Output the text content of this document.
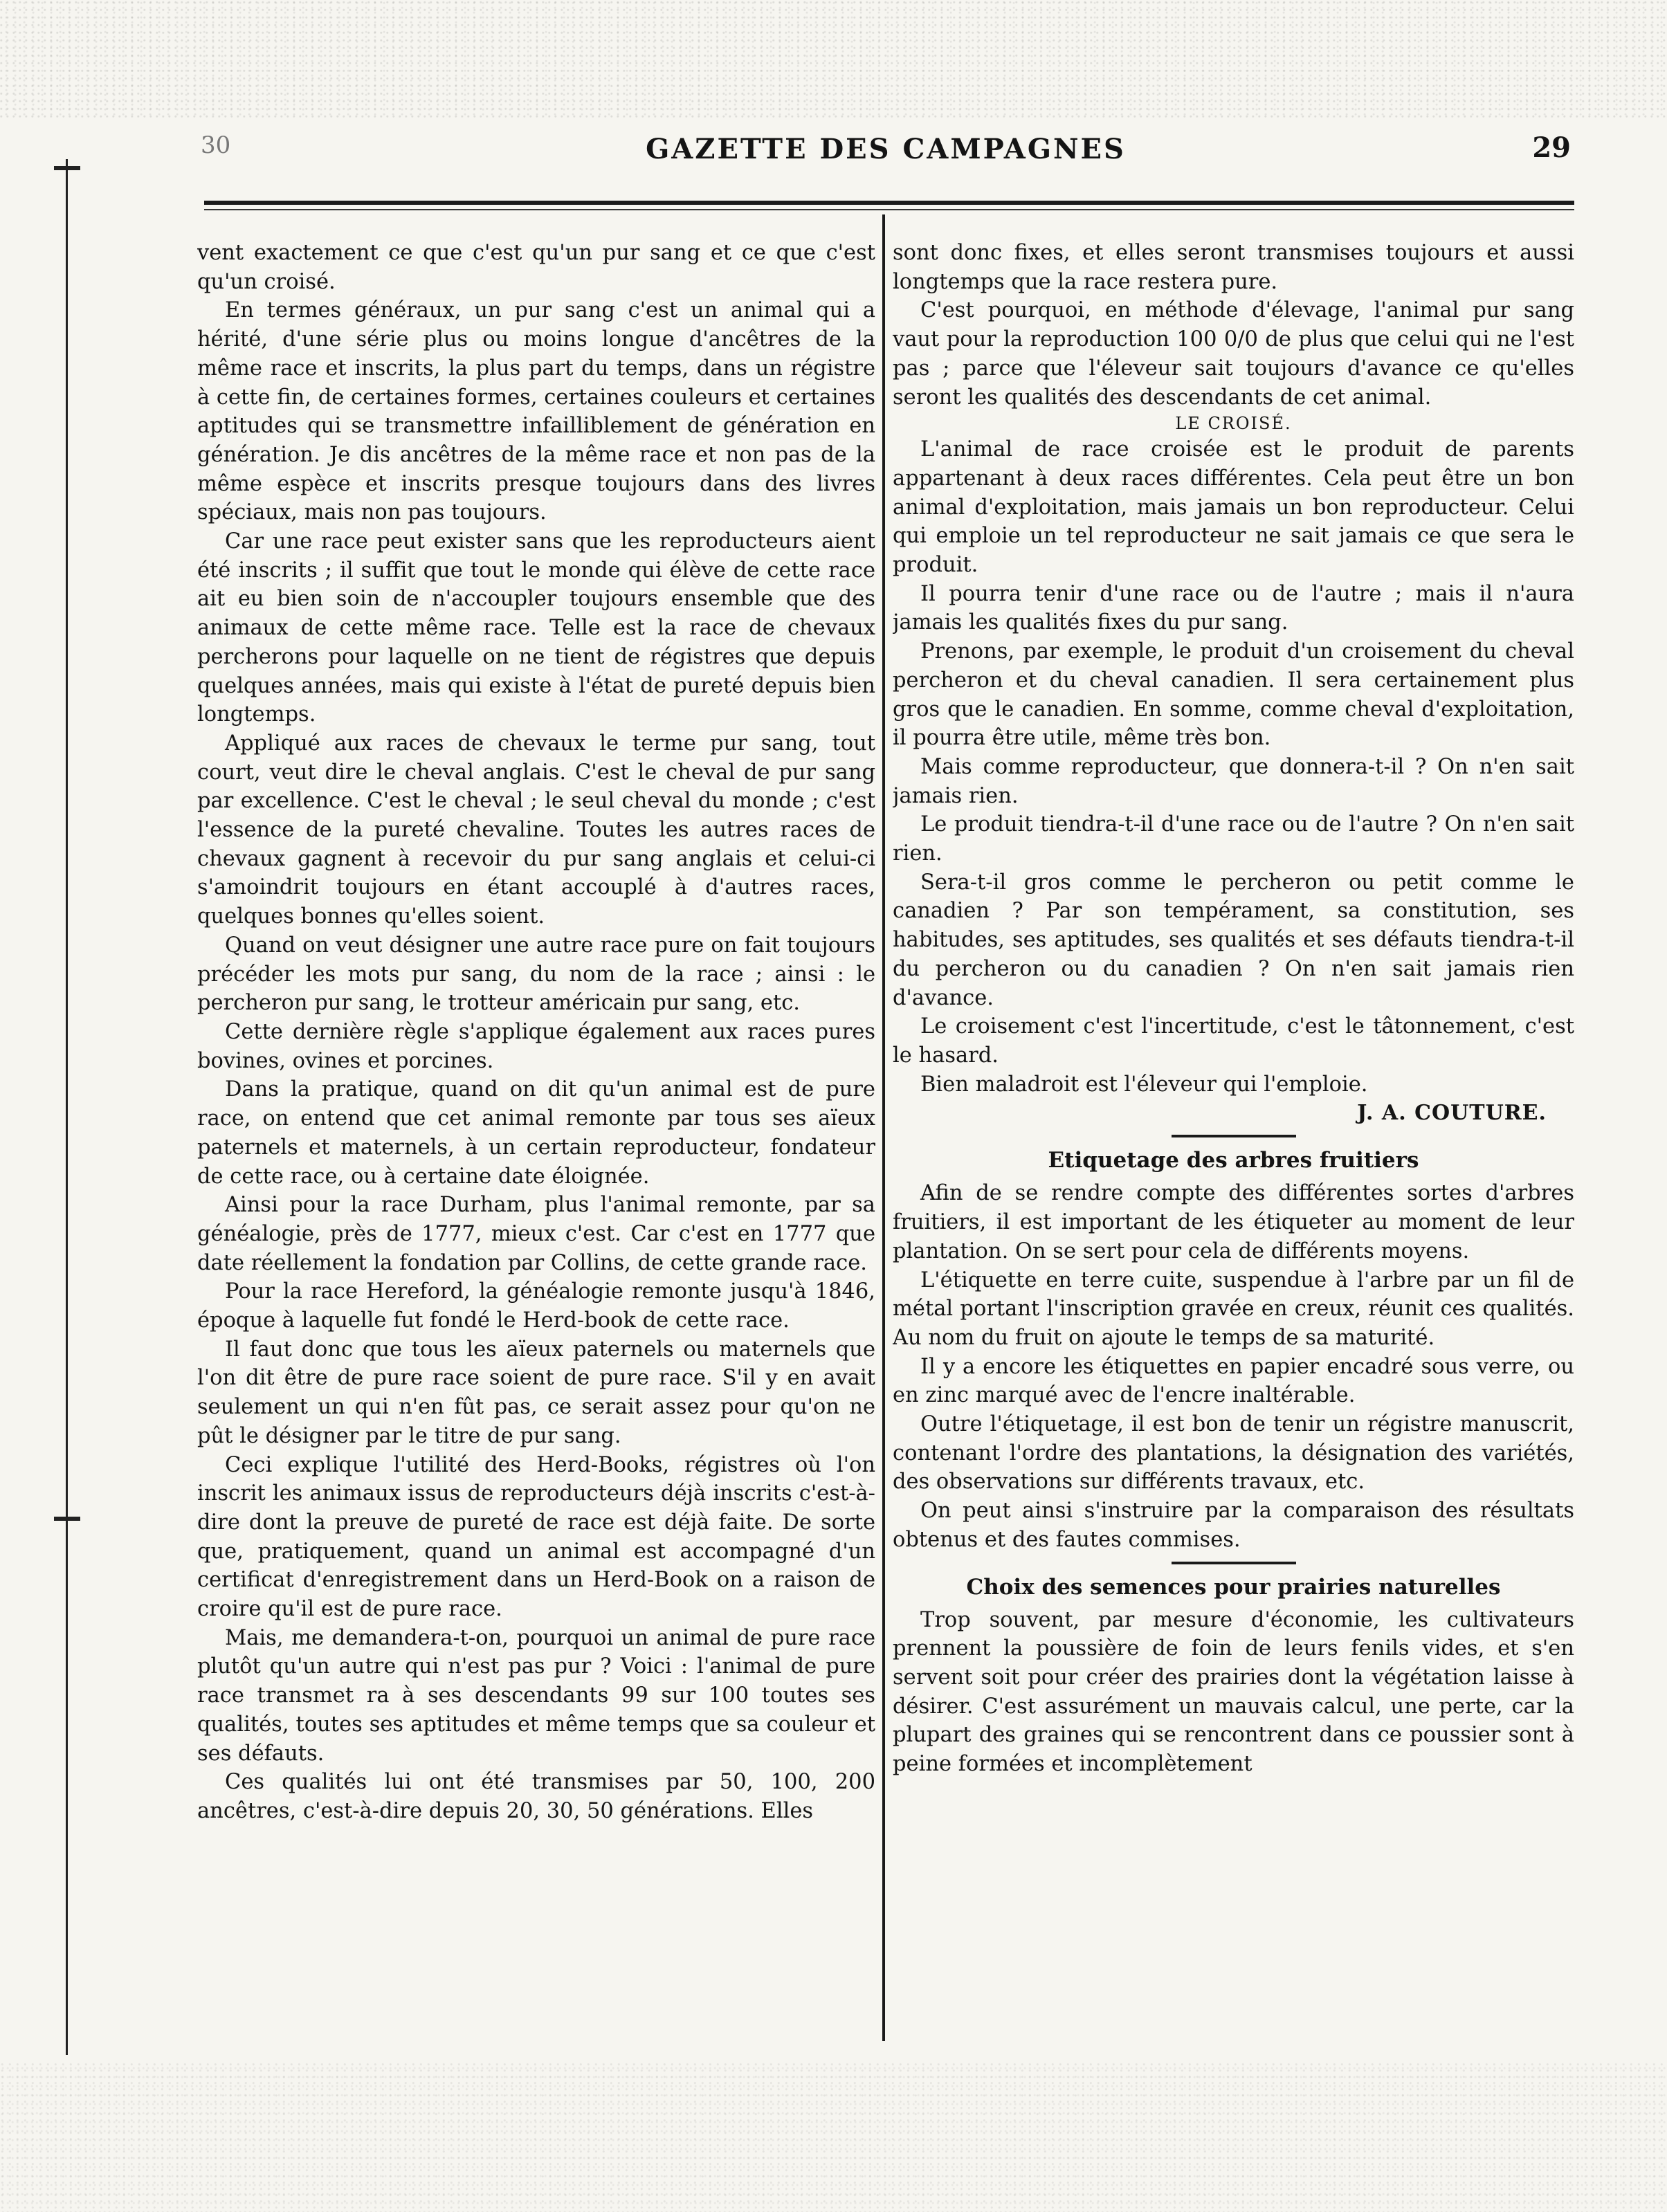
30	GAZETTE DES CAMPAGNES	29

vent exactement ce que c'est qu'un pur sang et ce que c'est qu'un croisé.

En termes généraux, un pur sang c'est un animal qui a hérité, d'une série plus ou moins longue d'ancêtres de la même race et inscrits, la plus part du temps, dans un régistre à cette fin, de certaines formes, certaines couleurs et certaines aptitudes qui se transmettre infailliblement de génération en génération. Je dis ancêtres de la même race et non pas de la même espèce et inscrits presque toujours dans des livres spéciaux, mais non pas toujours.

Car une race peut exister sans que les reproducteurs aient été inscrits ; il suffit que tout le monde qui élève de cette race ait eu bien soin de n'accoupler toujours ensemble que des animaux de cette même race. Telle est la race de chevaux percherons pour laquelle on ne tient de régistres que depuis quelques années, mais qui existe à l'état de pureté depuis bien longtemps.

Appliqué aux races de chevaux le terme pur sang, tout court, veut dire le cheval anglais. C'est le cheval de pur sang par excellence. C'est le cheval ; le seul cheval du monde ; c'est l'essence de la pureté chevaline. Toutes les autres races de chevaux gagnent à recevoir du pur sang anglais et celui-ci s'amoindrit toujours en étant accouplé à d'autres races, quelques bonnes qu'elles soient.

Quand on veut désigner une autre race pure on fait toujours précéder les mots pur sang, du nom de la race ; ainsi : le percheron pur sang, le trotteur américain pur sang, etc.

Cette dernière règle s'applique également aux races pures bovines, ovines et porcines.

Dans la pratique, quand on dit qu'un animal est de pure race, on entend que cet animal remonte par tous ses aïeux paternels et maternels, à un certain reproducteur, fondateur de cette race, ou à certaine date éloignée.

Ainsi pour la race Durham, plus l'animal remonte, par sa généalogie, près de 1777, mieux c'est. Car c'est en 1777 que date réellement la fondation par Collins, de cette grande race.

Pour la race Hereford, la généalogie remonte jusqu'à 1846, époque à laquelle fut fondé le Herd-book de cette race.

Il faut donc que tous les aïeux paternels ou maternels que l'on dit être de pure race soient de pure race. S'il y en avait seulement un qui n'en fût pas, ce serait assez pour qu'on ne pût le désigner par le titre de pur sang.

Ceci explique l'utilité des Herd-Books, régistres où l'on inscrit les animaux issus de reproducteurs déjà inscrits c'est-à-dire dont la preuve de pureté de race est déjà faite. De sorte que, pratiquement, quand un animal est accompagné d'un certificat d'enregistrement dans un Herd-Book on a raison de croire qu'il est de pure race.

Mais, me demandera-t-on, pourquoi un animal de pure race plutôt qu'un autre qui n'est pas pur ? Voici : l'animal de pure race transmet ra à ses descendants 99 sur 100 toutes ses qualités, toutes ses aptitudes et même temps que sa couleur et ses défauts.

Ces qualités lui ont été transmises par 50, 100, 200 ancêtres, c'est-à-dire depuis 20, 30, 50 générations. Elles

sont donc fixes, et elles seront transmises toujours et aussi longtemps que la race restera pure.

C'est pourquoi, en méthode d'élevage, l'animal pur sang vaut pour la reproduction 100 0/0 de plus que celui qui ne l'est pas ; parce que l'éleveur sait toujours d'avance ce qu'elles seront les qualités des descendants de cet animal.

LE CROISÉ.

L'animal de race croisée est le produit de parents appartenant à deux races différentes. Cela peut être un bon animal d'exploitation, mais jamais un bon reproducteur. Celui qui emploie un tel reproducteur ne sait jamais ce que sera le produit.

Il pourra tenir d'une race ou de l'autre ; mais il n'aura jamais les qualités fixes du pur sang.

Prenons, par exemple, le produit d'un croisement du cheval percheron et du cheval canadien. Il sera certainement plus gros que le canadien. En somme, comme cheval d'exploitation, il pourra être utile, même très bon.

Mais comme reproducteur, que donnera-t-il ? On n'en sait jamais rien.

Le produit tiendra-t-il d'une race ou de l'autre ? On n'en sait rien.

Sera-t-il gros comme le percheron ou petit comme le canadien ? Par son tempérament, sa constitution, ses habitudes, ses aptitudes, ses qualités et ses défauts tiendra-t-il du percheron ou du canadien ? On n'en sait jamais rien d'avance.

Le croisement c'est l'incertitude, c'est le tâtonnement, c'est le hasard.

Bien maladroit est l'éleveur qui l'emploie.

J. A. COUTURE.

Etiquetage des arbres fruitiers

Afin de se rendre compte des différentes sortes d'arbres fruitiers, il est important de les étiqueter au moment de leur plantation. On se sert pour cela de différents moyens.

L'étiquette en terre cuite, suspendue à l'arbre par un fil de métal portant l'inscription gravée en creux, réunit ces qualités. Au nom du fruit on ajoute le temps de sa maturité.

Il y a encore les étiquettes en papier encadré sous verre, ou en zinc marqué avec de l'encre inaltérable.

Outre l'étiquetage, il est bon de tenir un régistre manuscrit, contenant l'ordre des plantations, la désignation des variétés, des observations sur différents travaux, etc.

On peut ainsi s'instruire par la comparaison des résultats obtenus et des fautes commises.

Choix des semences pour prairies naturelles

Trop souvent, par mesure d'économie, les cultivateurs prennent la poussière de foin de leurs fenils vides, et s'en servent soit pour créer des prairies dont la végétation laisse à désirer. C'est assurément un mauvais calcul, une perte, car la plupart des graines qui se rencontrent dans ce poussier sont à peine formées et incomplètement
